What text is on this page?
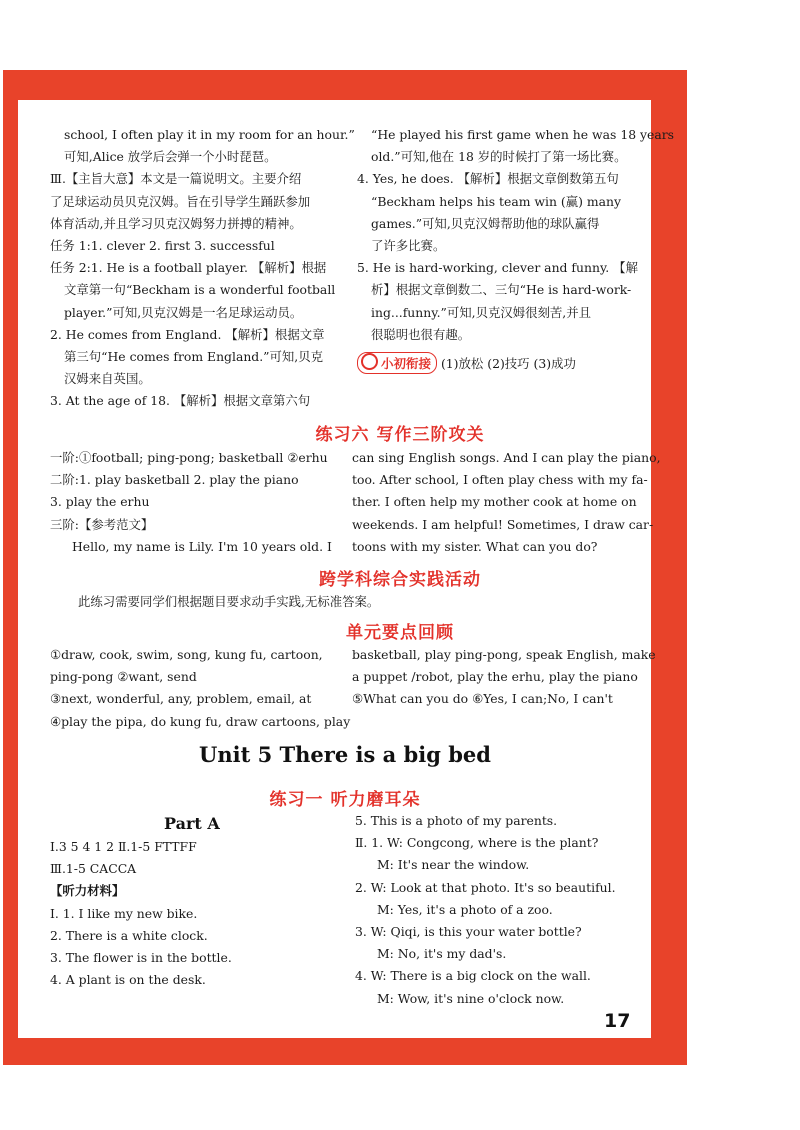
school, I often play it in my room for an hour.”
可知,Alice 放学后会弹一个小时琵琶。
Ⅲ.【主旨大意】本文是一篇说明文。主要介绍
了足球运动员贝克汉姆。旨在引导学生踊跃参加
体育活动,并且学习贝克汉姆努力拼搏的精神。
任务 1:1. clever 2. first 3. successful
任务 2:1. He is a football player. 【解析】根据
文章第一句“Beckham is a wonderful football
player.”可知,贝克汉姆是一名足球运动员。
2. He comes from England. 【解析】根据文章
第三句“He comes from England.”可知,贝克
汉姆来自英国。
3. At the age of 18. 【解析】根据文章第六句
“He played his first game when he was 18 years
old.”可知,他在 18 岁的时候打了第一场比赛。
4. Yes, he does. 【解析】根据文章倒数第五句
“Beckham helps his team win (赢) many
games.”可知,贝克汉姆帮助他的球队赢得
了许多比赛。
5. He is hard-working, clever and funny. 【解
析】根据文章倒数二、三句“He is hard-work-
ing...funny.”可知,贝克汉姆很刻苦,并且
很聪明也很有趣。
小初衔接 (1)放松 (2)技巧 (3)成功
练习六 写作三阶攻关
一阶:①football; ping-pong; basketball ②erhu
二阶:1. play basketball 2. play the piano
3. play the erhu
三阶:【参考范文】
Hello, my name is Lily. I'm 10 years old. I
can sing English songs. And I can play the piano,
too. After school, I often play chess with my fa-
ther. I often help my mother cook at home on
weekends. I am helpful! Sometimes, I draw car-
toons with my sister. What can you do?
跨学科综合实践活动
此练习需要同学们根据题目要求动手实践,无标准答案。
单元要点回顾
①draw, cook, swim, song, kung fu, cartoon,
ping-pong ②want, send
③next, wonderful, any, problem, email, at
④play the pipa, do kung fu, draw cartoons, play
basketball, play ping-pong, speak English, make
a puppet /robot, play the erhu, play the piano
⑤What can you do ⑥Yes, I can;No, I can't
Unit 5 There is a big bed
练习一 听力磨耳朵
Part A
Ⅰ.3 5 4 1 2 Ⅱ.1-5 FTTFF
Ⅲ.1-5 CACCA
【听力材料】
Ⅰ. 1. I like my new bike.
2. There is a white clock.
3. The flower is in the bottle.
4. A plant is on the desk.
5. This is a photo of my parents.
Ⅱ. 1. W: Congcong, where is the plant?
M: It's near the window.
2. W: Look at that photo. It's so beautiful.
M: Yes, it's a photo of a zoo.
3. W: Qiqi, is this your water bottle?
M: No, it's my dad's.
4. W: There is a big clock on the wall.
M: Wow, it's nine o'clock now.
17
